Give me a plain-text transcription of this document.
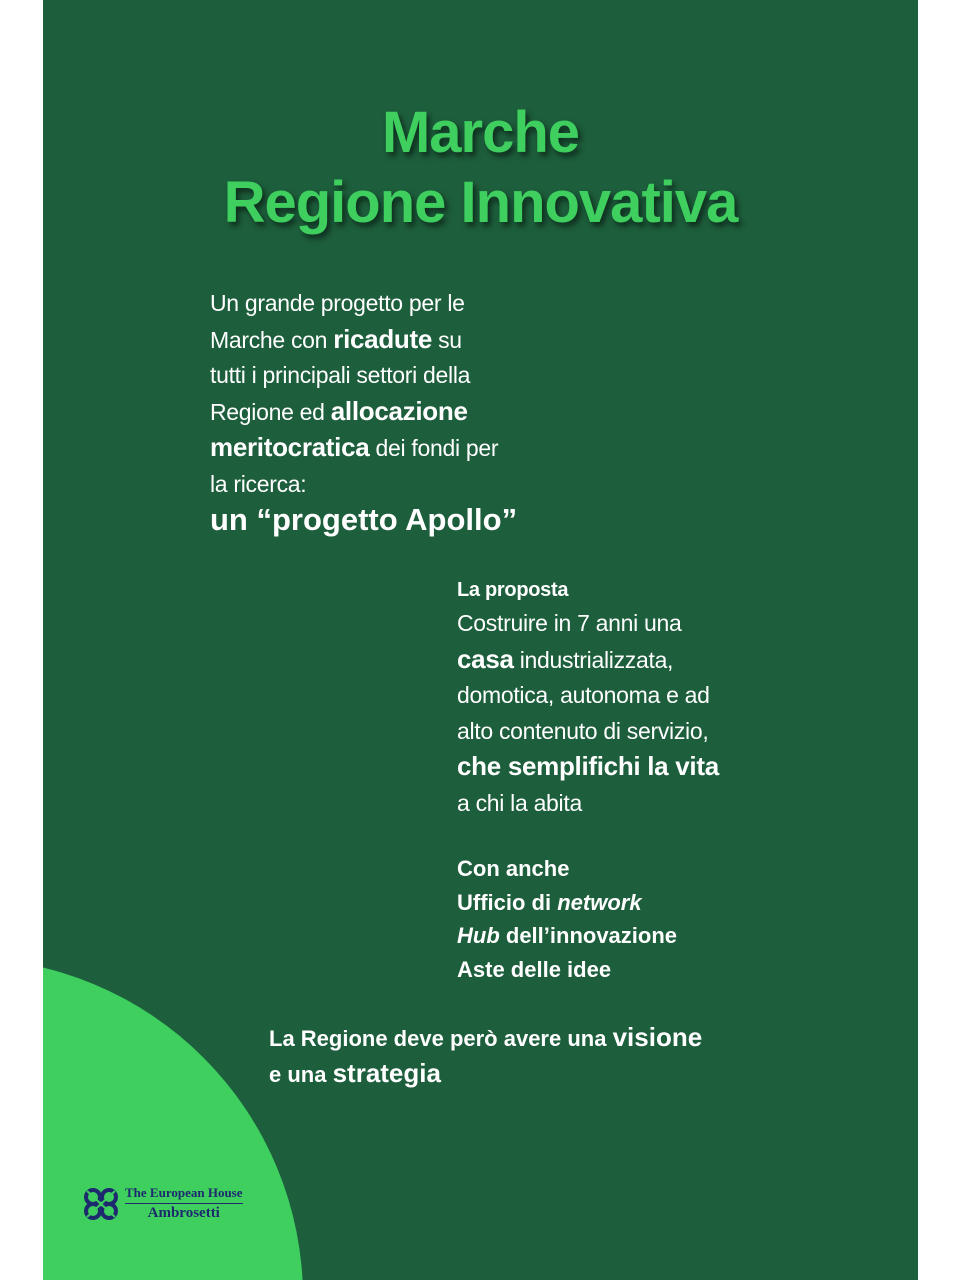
Marche
Regione Innovativa
Un grande progetto per le
Marche con ricadute su
tutti i principali settori della
Regione ed allocazione
meritocratica dei fondi per
la ricerca:
un “progetto Apollo”
La proposta
Costruire in 7 anni una
casa industrializzata,
domotica, autonoma e ad
alto contenuto di servizio,
che semplifichi la vita
a chi la abita
Con anche
Ufficio di network
Hub dell’innovazione
Aste delle idee
La Regione deve però avere una visione
e una strategia
The European House
Ambrosetti
